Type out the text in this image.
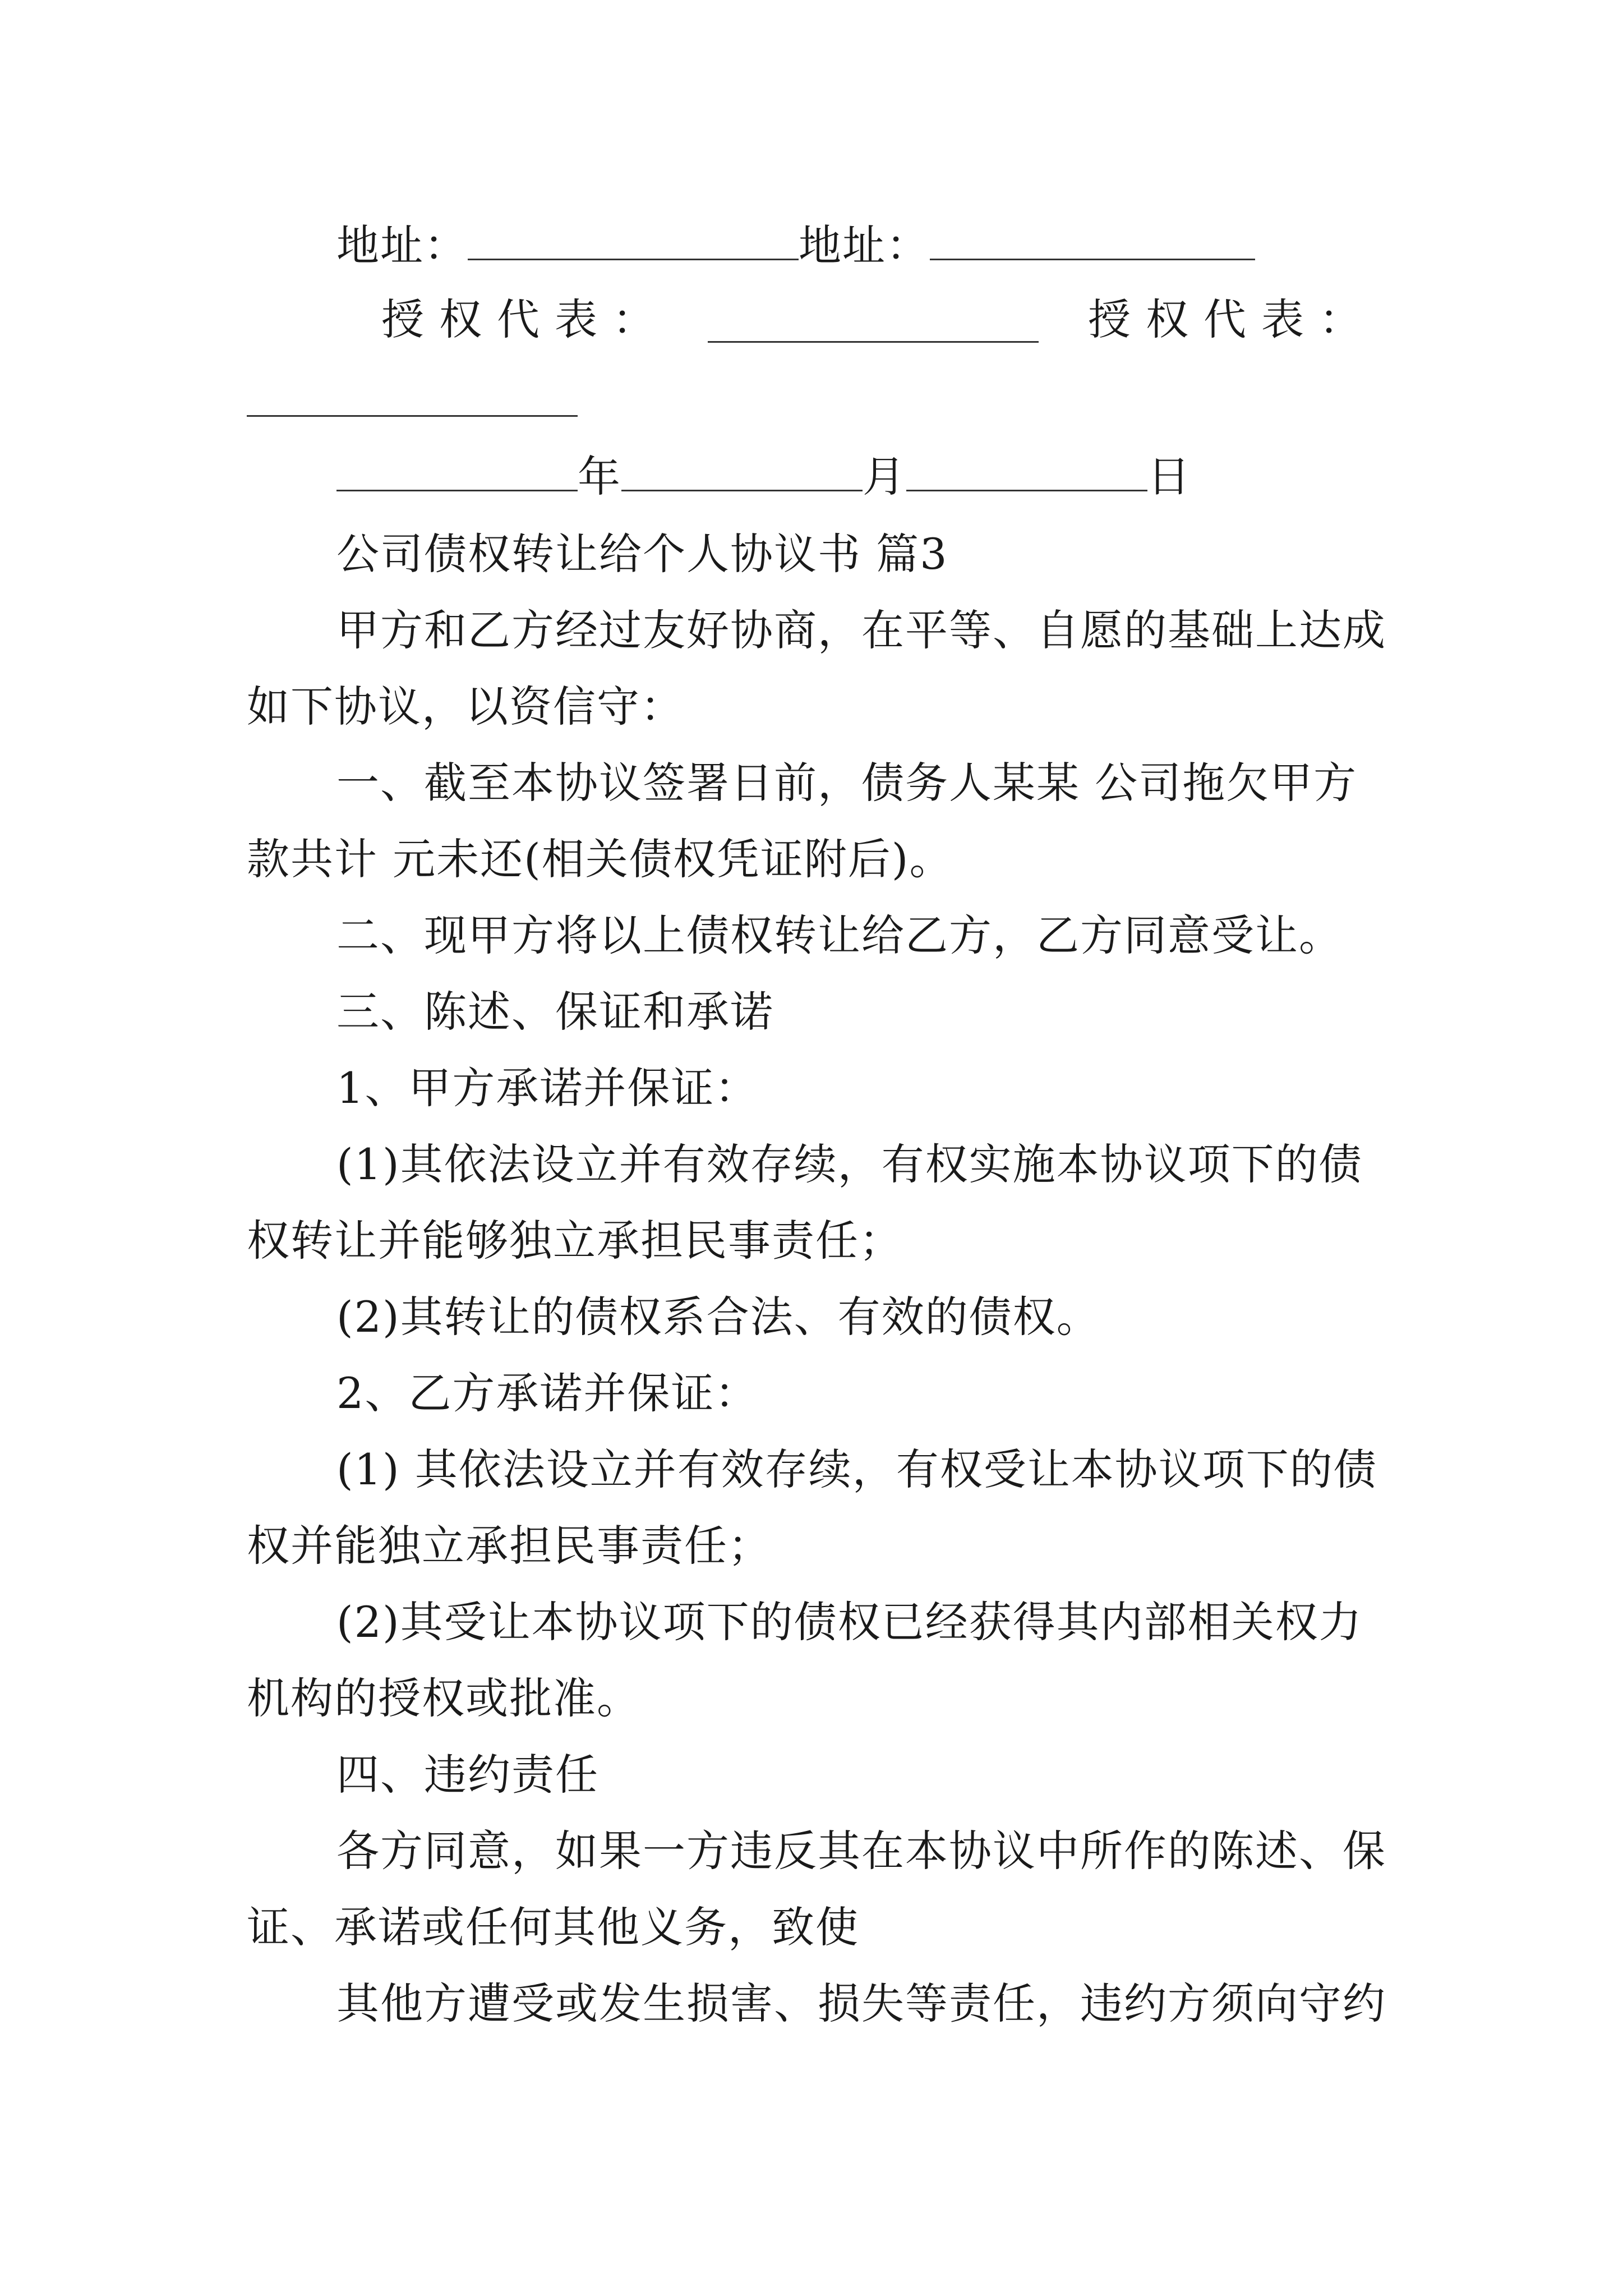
地址：	地址：
授 权 代 表 ：	授 权 代 表 ：
年	月	日
公司债权转让给个人协议书 篇3
甲方和乙方经过友好协商，在平等、自愿的基础上达成
如下协议，以资信守：
一、截至本协议签署日前，债务人某某 公司拖欠甲方
款共计 元未还(相关债权凭证附后)。
二、现甲方将以上债权转让给乙方，乙方同意受让。
三、陈述、保证和承诺
1、甲方承诺并保证：
(1)其依法设立并有效存续，有权实施本协议项下的债
权转让并能够独立承担民事责任；
(2)其转让的债权系合法、有效的债权。
2、乙方承诺并保证：
(1) 其依法设立并有效存续，有权受让本协议项下的债
权并能独立承担民事责任；
(2)其受让本协议项下的债权已经获得其内部相关权力
机构的授权或批准。
四、违约责任
各方同意，如果一方违反其在本协议中所作的陈述、保
证、承诺或任何其他义务，致使
其他方遭受或发生损害、损失等责任，违约方须向守约
